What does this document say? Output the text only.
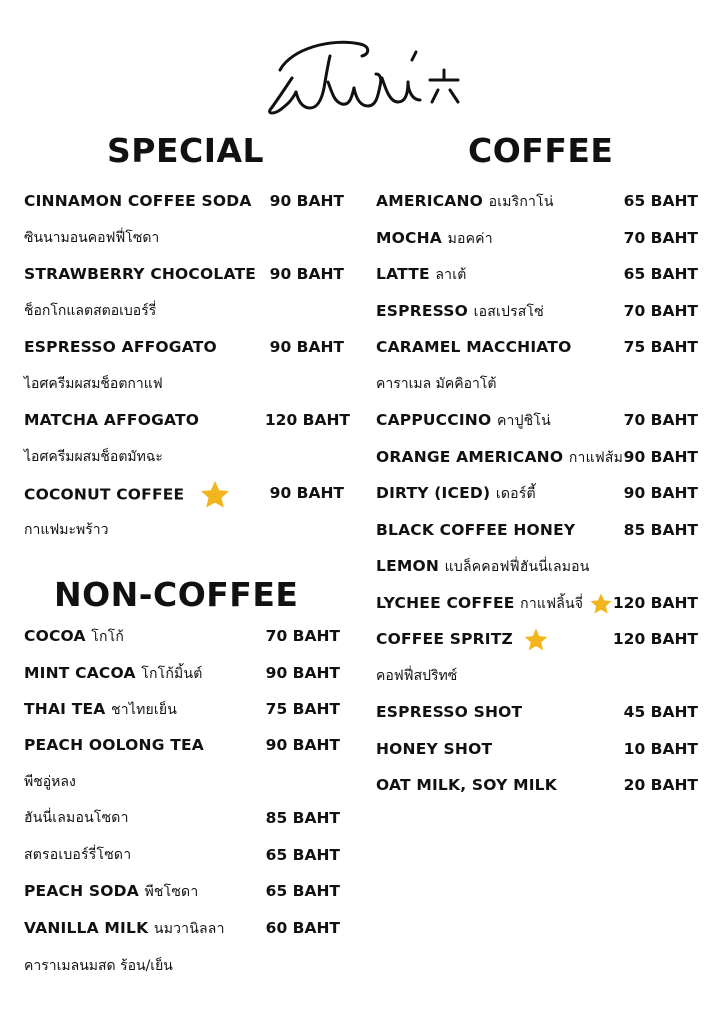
SPECIAL	COFFEE
NON-COFFEE
CINNAMON COFFEE SODA 90 BAHT
ซินนามอนคอฟฟี่โซดา
STRAWBERRY CHOCOLATE 90 BAHT
ช็อกโกแลตสตอเบอร์รี่
ESPRESSO AFFOGATO	90 BAHT
ไอศครีมผสมช็อตกาแฟ
MATCHA AFFOGATO	120 BAHT
ไอศครีมผสมช็อตมัทฉะ
COCONUT COFFEE	90 BAHT
กาแฟมะพร้าว
COCOA โกโก้	70 BAHT
MINT CACOA โกโก้มิ้นต์	90 BAHT
THAI TEA ชาไทยเย็น	75 BAHT
PEACH OOLONG TEA	90 BAHT
พีชอู่หลง
ฮันนี่เลมอนโซดา	85 BAHT
สตรอเบอร์รี่โซดา	65 BAHT
PEACH SODA พีชโซดา	65 BAHT
VANILLA MILK นมวานิลลา	60 BAHT
คาราเมลนมสด ร้อน/เย็น
AMERICANO อเมริกาโน่	65 BAHT
MOCHA มอคค่า	70 BAHT
LATTE ลาเต้	65 BAHT
ESPRESSO เอสเปรสโซ่	70 BAHT
CARAMEL MACCHIATO	75 BAHT
คาราเมล มัคคิอาโต้
CAPPUCCINO คาปูชิโน่	70 BAHT
ORANGE AMERICANO กาแฟส้ม 90 BAHT
DIRTY (ICED) เดอร์ตี้	90 BAHT
BLACK COFFEE HONEY	85 BAHT
LEMON แบล็คคอฟฟี่ฮันนี่เลมอน
LYCHEE COFFEE กาแฟลิ้นจี่	120 BAHT
COFFEE SPRITZ	120 BAHT
คอฟฟี่สปริทซ์
ESPRESSO SHOT	45 BAHT
HONEY SHOT	10 BAHT
OAT MILK, SOY MILK	20 BAHT
